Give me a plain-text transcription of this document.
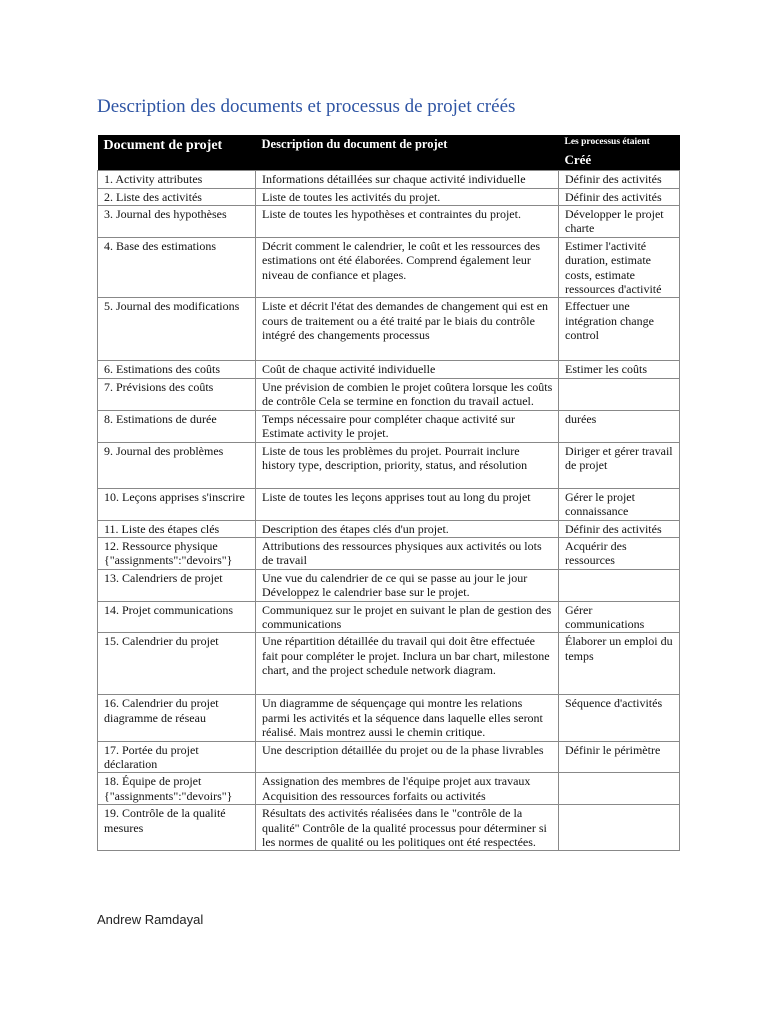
Description des documents et processus de projet créés
Document de projet	Description du document de projet	Les processus étaient
Créé

1. Activity attributes	Informations détaillées sur chaque activité individuelle	Définir des activités
2. Liste des activités	Liste de toutes les activités du projet.	Définir des activités
3. Journal des hypothèses	Liste de toutes les hypothèses et contraintes du projet.	Développer le projet charte
4. Base des estimations	Décrit comment le calendrier, le coût et les ressources des estimations ont été élaborées. Comprend également leur niveau de confiance et plages.	Estimer l'activité duration, estimate costs, estimate ressources d'activité
5. Journal des modifications	Liste et décrit l'état des demandes de changement qui est en cours de traitement ou a été traité par le biais du contrôle intégré des changements processus	Effectuer une intégration change control
6. Estimations des coûts	Coût de chaque activité individuelle	Estimer les coûts
7. Prévisions des coûts	Une prévision de combien le projet coûtera lorsque les coûts de contrôle Cela se termine en fonction du travail actuel.	
8. Estimations de durée	Temps nécessaire pour compléter chaque activité sur Estimate activity le projet.	durées
9. Journal des problèmes	Liste de tous les problèmes du projet. Pourrait inclure history type, description, priority, status, and résolution	Diriger et gérer travail de projet
10. Leçons apprises s'inscrire	Liste de toutes les leçons apprises tout au long du projet	Gérer le projet connaissance
11. Liste des étapes clés	Description des étapes clés d'un projet.	Définir des activités
12. Ressource physique {"assignments":"devoirs"}	Attributions des ressources physiques aux activités ou lots de travail	Acquérir des ressources
13. Calendriers de projet	Une vue du calendrier de ce qui se passe au jour le jour Développez le calendrier base sur le projet.	
14. Projet communications	Communiquez sur le projet en suivant le plan de gestion des communications	Gérer communications
15. Calendrier du projet	Une répartition détaillée du travail qui doit être effectuée fait pour compléter le projet. Inclura un bar chart, milestone chart, and the project schedule network diagram.	Élaborer un emploi du temps
16. Calendrier du projet diagramme de réseau	Un diagramme de séquençage qui montre les relations parmi les activités et la séquence dans laquelle elles seront réalisé. Mais montrez aussi le chemin critique.	Séquence d'activités
17. Portée du projet déclaration	Une description détaillée du projet ou de la phase livrables	Définir le périmètre
18. Équipe de projet {"assignments":"devoirs"}	Assignation des membres de l'équipe projet aux travaux Acquisition des ressources forfaits ou activités	
19. Contrôle de la qualité mesures	Résultats des activités réalisées dans le "contrôle de la qualité" Contrôle de la qualité processus pour déterminer si les normes de qualité ou les politiques ont été respectées.	

Andrew Ramdayal
